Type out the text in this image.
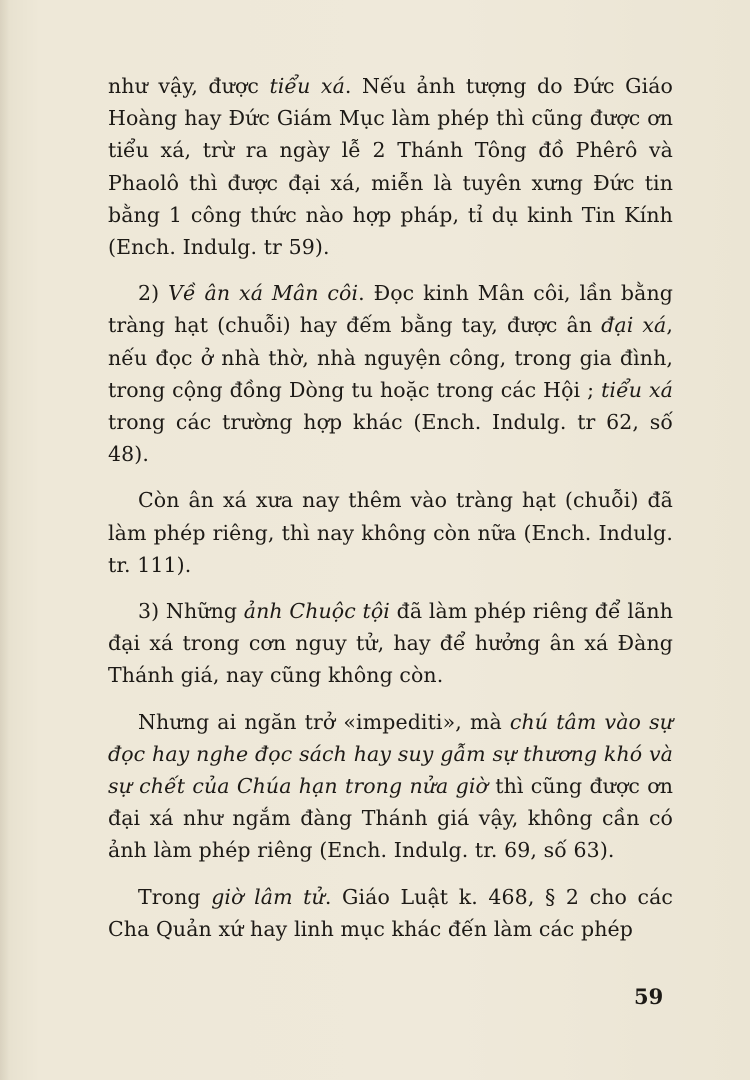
như vậy, được tiểu xá. Nếu ảnh tượng do Đức Giáo Hoàng hay Đức Giám Mục làm phép thì cũng được ơn tiểu xá, trừ ra ngày lễ 2 Thánh Tông đồ Phêrô và Phaolô thì được đại xá, miễn là tuyên xưng Đức tin bằng 1 công thức nào hợp pháp, tỉ dụ kinh Tin Kính (Ench. Indulg. tr 59).

2) Về ân xá Mân côi. Đọc kinh Mân côi, lần bằng tràng hạt (chuỗi) hay đếm bằng tay, được ân đại xá, nếu đọc ở nhà thờ, nhà nguyện công, trong gia đình, trong cộng đồng Dòng tu hoặc trong các Hội ; tiểu xá trong các trường hợp khác (Ench. Indulg. tr 62, số 48).

Còn ân xá xưa nay thêm vào tràng hạt (chuỗi) đã làm phép riêng, thì nay không còn nữa (Ench. Indulg. tr. 111).

3) Những ảnh Chuộc tội đã làm phép riêng để lãnh đại xá trong cơn nguy tử, hay để hưởng ân xá Đàng Thánh giá, nay cũng không còn.

Nhưng ai ngăn trở «impediti», mà chú tâm vào sự đọc hay nghe đọc sách hay suy gẫm sự thương khó và sự chết của Chúa hạn trong nửa giờ thì cũng được ơn đại xá như ngắm đàng Thánh giá vậy, không cần có ảnh làm phép riêng (Ench. Indulg. tr. 69, số 63).

Trong giờ lâm tử. Giáo Luật k. 468, § 2 cho các Cha Quản xứ hay linh mục khác đến làm các phép

59
